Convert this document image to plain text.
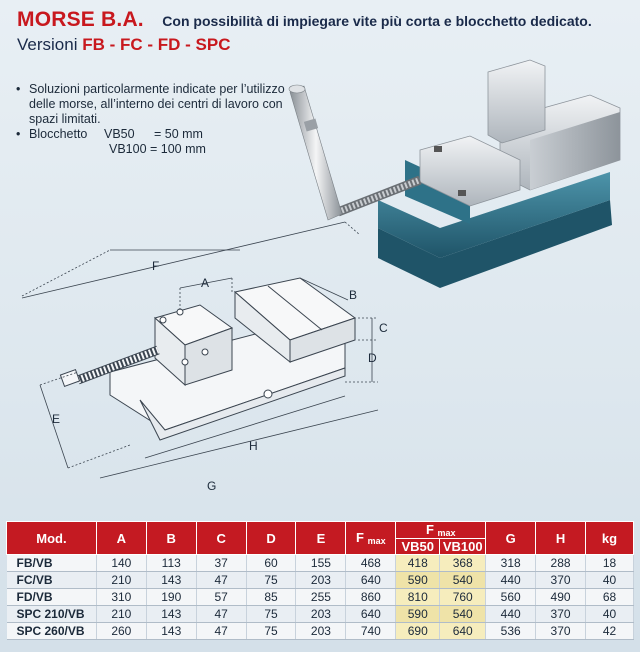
MORSE B.A. Con possibilità di impiegare vite più corta e blocchetto dedicato.
Versioni FB - FC - FD - SPC
• Soluzioni particolarmente indicate per l’utilizzo delle morse, all’interno dei centri di lavoro con spazi limitati.
• Blocchetto	VB50	= 50 mm
VB100 = 100 mm
F
A
B
C
D
E
H
G
Mod.	A	B	C	D	E	F max	F max		G	H	kg
							VB50	VB100			
FB/VB	140	113	37	60	155	468	418	368	318	288	18
FC/VB	210	143	47	75	203	640	590	540	440	370	40
FD/VB	310	190	57	85	255	860	810	760	560	490	68
SPC 210/VB	210	143	47	75	203	640	590	540	440	370	40
SPC 260/VB	260	143	47	75	203	740	690	640	536	370	42
